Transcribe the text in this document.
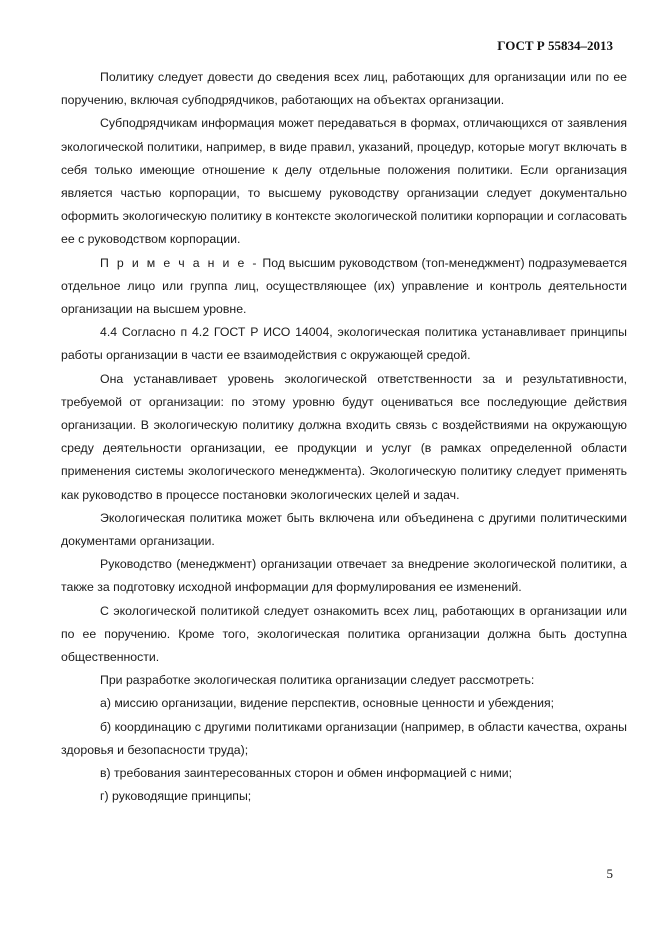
ГОСТ Р 55834–2013

Политику следует довести до сведения всех лиц, работающих для организации или по ее поручению, включая субподрядчиков, работающих на объектах организации.

Субподрядчикам информация может передаваться в формах, отличающихся от заявления экологической политики, например, в виде правил, указаний, процедур, которые могут включать в себя только имеющие отношение к делу отдельные положения политики. Если организация является частью корпорации, то высшему руководству организации следует документально оформить экологическую политику в контексте экологической политики корпорации и согласовать ее с руководством корпорации.

П р и м е ч а н и е - Под высшим руководством (топ-менеджмент) подразумевается отдельное лицо или группа лиц, осуществляющее (их) управление и контроль деятельности организации на высшем уровне.

4.4 Согласно п 4.2 ГОСТ Р ИСО 14004, экологическая политика устанавливает принципы работы организации в части ее взаимодействия с окружающей средой.

Она устанавливает уровень экологической ответственности за и результативности, требуемой от организации: по этому уровню будут оцениваться все последующие действия организации. В экологическую политику должна входить связь с воздействиями на окружающую среду деятельности организации, ее продукции и услуг (в рамках определенной области применения системы экологического менеджмента). Экологическую политику следует применять как руководство в процессе постановки экологических целей и задач.

Экологическая политика может быть включена или объединена с другими политическими документами организации.

Руководство (менеджмент) организации отвечает за внедрение экологической политики, а также за подготовку исходной информации для формулирования ее изменений.

С экологической политикой следует ознакомить всех лиц, работающих в организации или по ее поручению. Кроме того, экологическая политика организации должна быть доступна общественности.

При разработке экологическая политика организации следует рассмотреть:

а) миссию организации, видение перспектив, основные ценности и убеждения;

б) координацию с другими политиками организации (например, в области качества, охраны здоровья и безопасности труда);

в) требования заинтересованных сторон и обмен информацией с ними;

г) руководящие принципы;

5
